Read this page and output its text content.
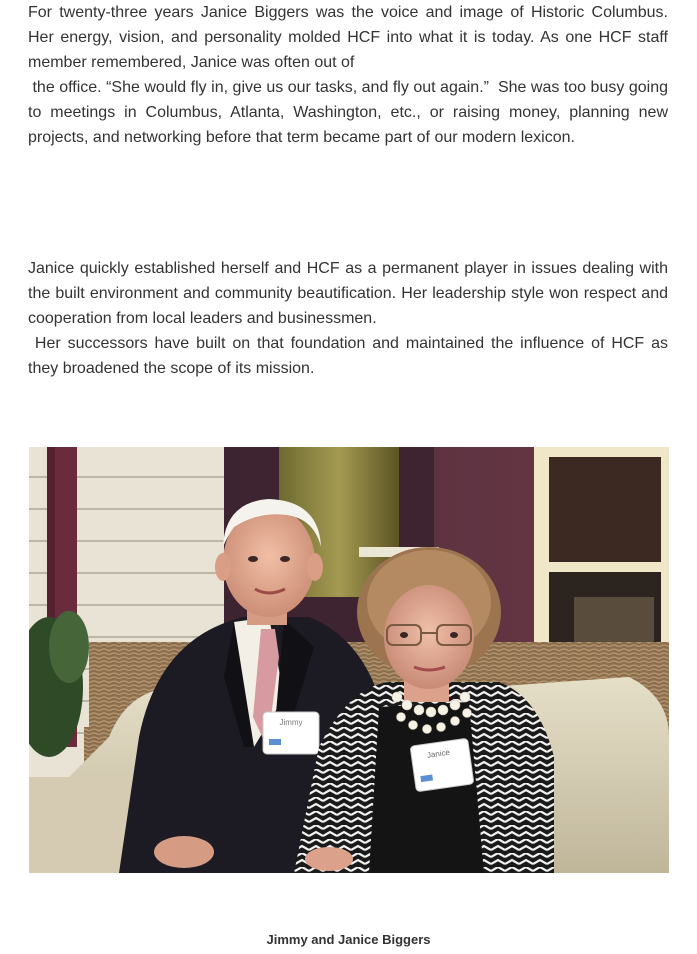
For twenty-three years Janice Biggers was the voice and image of Historic Columbus.
Her energy, vision, and personality molded HCF into what it is today. As one HCF staff
member remembered, Janice was often out of
the office. “She would fly in, give us our tasks, and fly out again.”  She was too busy going
to meetings in Columbus, Atlanta, Washington, etc., or raising money, planning new
projects, and networking before that term became part of our modern lexicon.

Janice quickly established herself and HCF as a permanent player in issues dealing with
the built environment and community beautification. Her leadership style won respect and
cooperation from local leaders and businessmen.
Her successors have built on that foundation and maintained the influence of HCF as
they broadened the scope of its mission.

Jimmy
Janice
Jimmy and Janice Biggers
